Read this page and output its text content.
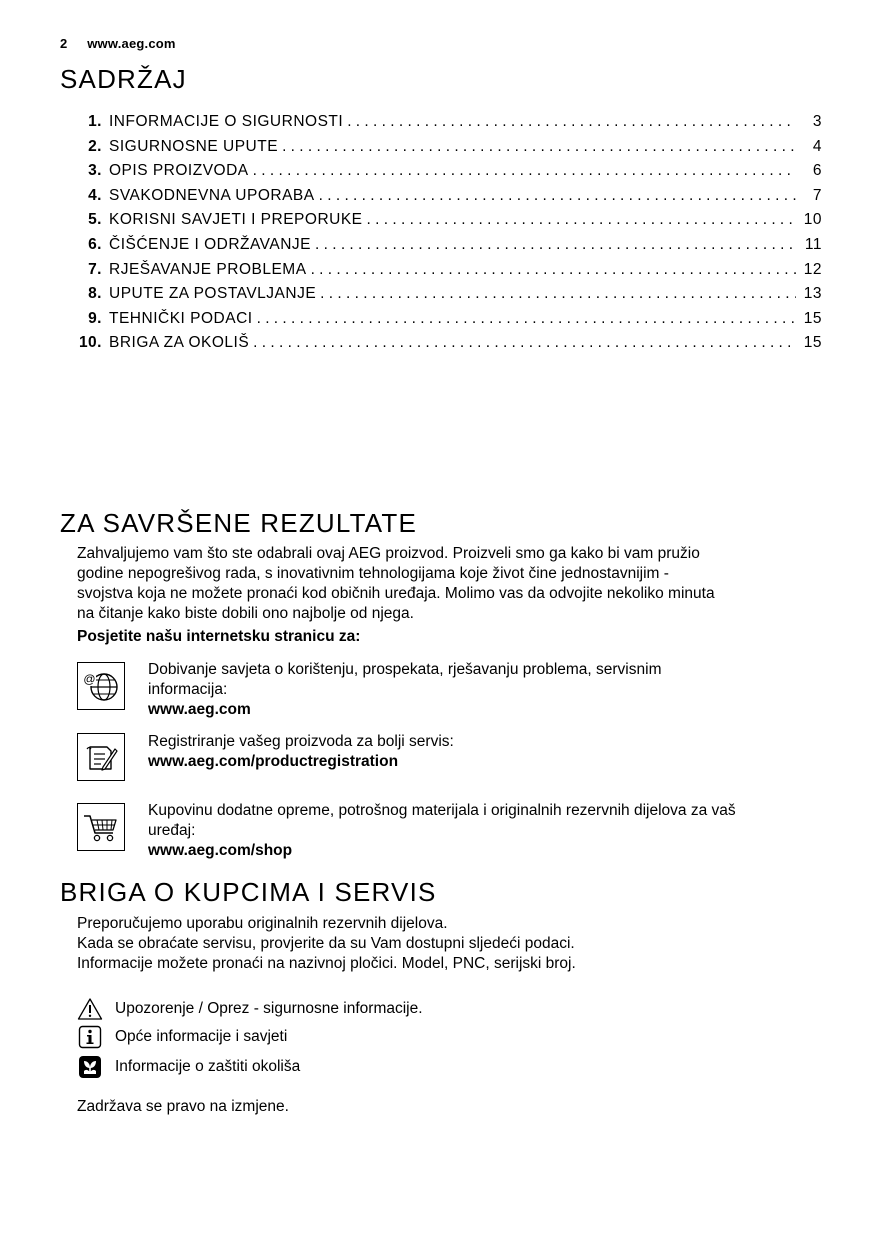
2 www.aeg.com
SADRŽAJ
1. INFORMACIJE O SIGURNOSTI . . .	3
2. SIGURNOSNE UPUTE . . .	4
3. OPIS PROIZVODA . . .	6
4. SVAKODNEVNA UPORABA . . .	7
5. KORISNI SAVJETI I PREPORUKE . . .	10
6. ČIŠĆENJE I ODRŽAVANJE . . .	11
7. RJEŠAVANJE PROBLEMA . . .	12
8. UPUTE ZA POSTAVLJANJE . . .	13
9. TEHNIČKI PODACI . . .	15
10. BRIGA ZA OKOLIŠ . . .	15
ZA SAVRŠENE REZULTATE
Zahvaljujemo vam što ste odabrali ovaj AEG proizvod. Proizveli smo ga kako bi vam pružio
godine nepogrešivog rada, s inovativnim tehnologijama koje život čine jednostavnijim -
svojstva koja ne možete pronaći kod običnih uređaja. Molimo vas da odvojite nekoliko minuta
na čitanje kako biste dobili ono najbolje od njega.
Posjetite našu internetsku stranicu za:
@
Dobivanje savjeta o korištenju, prospekata, rješavanju problema, servisnim
informacija:
www.aeg.com
Registriranje vašeg proizvoda za bolji servis:
www.aeg.com/productregistration
Kupovinu dodatne opreme, potrošnog materijala i originalnih rezervnih dijelova za vaš
uređaj:
www.aeg.com/shop
BRIGA O KUPCIMA I SERVIS
Preporučujemo uporabu originalnih rezervnih dijelova.
Kada se obraćate servisu, provjerite da su Vam dostupni sljedeći podaci.
Informacije možete pronaći na nazivnoj pločici. Model, PNC, serijski broj.
Upozorenje / Oprez - sigurnosne informacije.
Opće informacije i savjeti
Informacije o zaštiti okoliša
Zadržava se pravo na izmjene.
